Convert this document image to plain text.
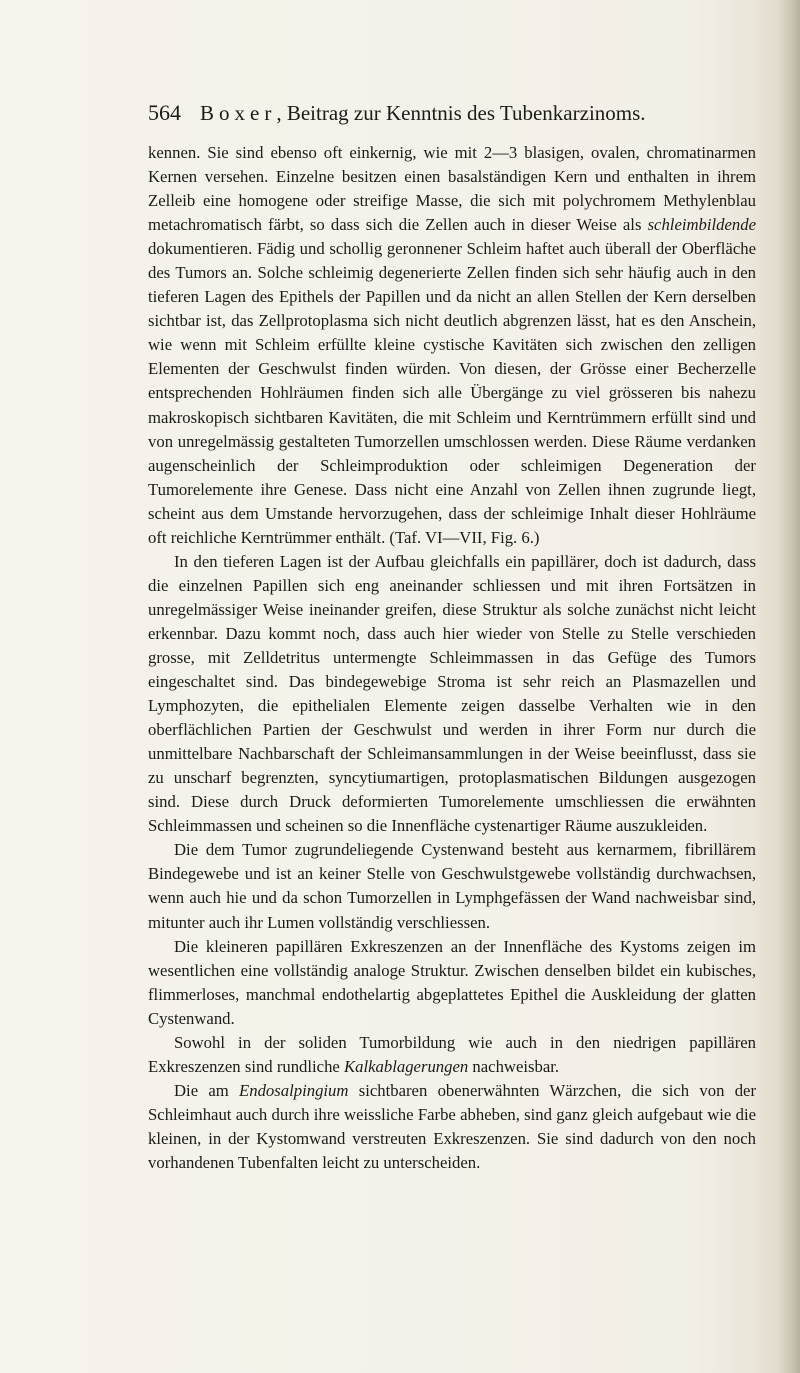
564 Boxer, Beitrag zur Kenntnis des Tubenkarzinoms.

kennen. Sie sind ebenso oft einkernig, wie mit 2—3 blasigen, ovalen, chromatinarmen Kernen versehen. Einzelne besitzen einen basalständigen Kern und enthalten in ihrem Zelleib eine homogene oder streifige Masse, die sich mit polychromem Methylenblau metachromatisch färbt, so dass sich die Zellen auch in dieser Weise als schleimbildende dokumentieren. Fädig und schollig geronnener Schleim haftet auch überall der Oberfläche des Tumors an. Solche schleimig degenerierte Zellen finden sich sehr häufig auch in den tieferen Lagen des Epithels der Papillen und da nicht an allen Stellen der Kern derselben sichtbar ist, das Zellprotoplasma sich nicht deutlich abgrenzen lässt, hat es den Anschein, wie wenn mit Schleim erfüllte kleine cystische Kavitäten sich zwischen den zelligen Elementen der Geschwulst finden würden. Von diesen, der Grösse einer Becherzelle entsprechenden Hohlräumen finden sich alle Übergänge zu viel grösseren bis nahezu makroskopisch sichtbaren Kavitäten, die mit Schleim und Kerntrümmern erfüllt sind und von unregelmässig gestalteten Tumorzellen umschlossen werden. Diese Räume verdanken augenscheinlich der Schleimproduktion oder schleimigen Degeneration der Tumorelemente ihre Genese. Dass nicht eine Anzahl von Zellen ihnen zugrunde liegt, scheint aus dem Umstande hervorzugehen, dass der schleimige Inhalt dieser Hohlräume oft reichliche Kerntrümmer enthält. (Taf. VI—VII, Fig. 6.)

In den tieferen Lagen ist der Aufbau gleichfalls ein papillärer, doch ist dadurch, dass die einzelnen Papillen sich eng aneinander schliessen und mit ihren Fortsätzen in unregelmässiger Weise ineinander greifen, diese Struktur als solche zunächst nicht leicht erkennbar. Dazu kommt noch, dass auch hier wieder von Stelle zu Stelle verschieden grosse, mit Zelldetritus untermengte Schleimmassen in das Gefüge des Tumors eingeschaltet sind. Das bindegewebige Stroma ist sehr reich an Plasmazellen und Lymphozyten, die epithelialen Elemente zeigen dasselbe Verhalten wie in den oberflächlichen Partien der Geschwulst und werden in ihrer Form nur durch die unmittelbare Nachbarschaft der Schleimansammlungen in der Weise beeinflusst, dass sie zu unscharf begrenzten, syncytiumartigen, protoplasmatischen Bildungen ausgezogen sind. Diese durch Druck deformierten Tumorelemente umschliessen die erwähnten Schleimmassen und scheinen so die Innenfläche cystenartiger Räume auszukleiden.

Die dem Tumor zugrundeliegende Cystenwand besteht aus kernarmem, fibrillärem Bindegewebe und ist an keiner Stelle von Geschwulstgewebe vollständig durchwachsen, wenn auch hie und da schon Tumorzellen in Lymphgefässen der Wand nachweisbar sind, mitunter auch ihr Lumen vollständig verschliessen.

Die kleineren papillären Exkreszenzen an der Innenfläche des Kystoms zeigen im wesentlichen eine vollständig analoge Struktur. Zwischen denselben bildet ein kubisches, flimmerloses, manchmal endothelartig abgeplattetes Epithel die Auskleidung der glatten Cystenwand.

Sowohl in der soliden Tumorbildung wie auch in den niedrigen papillären Exkreszenzen sind rundliche Kalkablagerungen nachweisbar.

Die am Endosalpingium sichtbaren obenerwähnten Wärzchen, die sich von der Schleimhaut auch durch ihre weissliche Farbe abheben, sind ganz gleich aufgebaut wie die kleinen, in der Kystomwand verstreuten Exkreszenzen. Sie sind dadurch von den noch vorhandenen Tubenfalten leicht zu unterscheiden.
